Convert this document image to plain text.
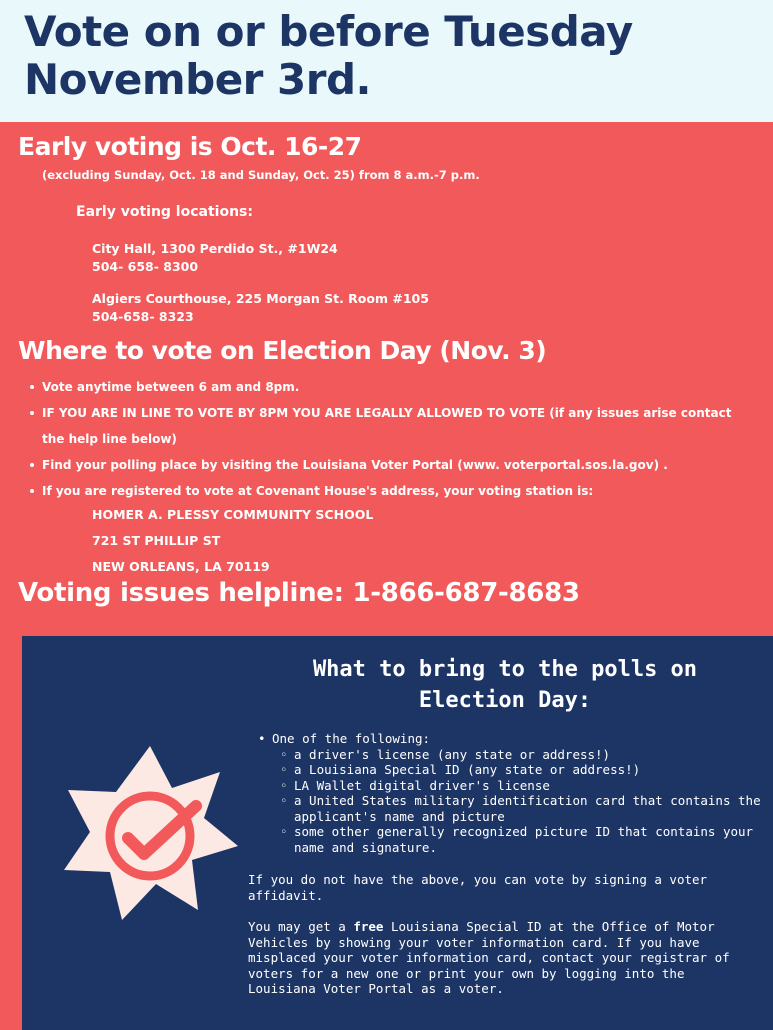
Vote on or before Tuesday
November 3rd.
Early voting is Oct. 16-27
(excluding Sunday, Oct. 18 and Sunday, Oct. 25) from 8 a.m.-7 p.m.
Early voting locations:
City Hall, 1300 Perdido St., #1W24
504- 658- 8300
Algiers Courthouse, 225 Morgan St. Room #105
504-658- 8323
Where to vote on Election Day (Nov. 3)
Vote anytime between 6 am and 8pm.
IF YOU ARE IN LINE TO VOTE BY 8PM YOU ARE LEGALLY ALLOWED TO VOTE (if any issues arise contact the help line below)
Find your polling place by visiting the Louisiana Voter Portal (www. voterportal.sos.la.gov) .
If you are registered to vote at Covenant House's address, your voting station is:
HOMER A. PLESSY COMMUNITY SCHOOL
721 ST PHILLIP ST
NEW ORLEANS, LA 70119
Voting issues helpline: 1-866-687-8683
What to bring to the polls on Election Day:
• One of the following:
◦ a driver's license (any state or address!)
◦ a Louisiana Special ID (any state or address!)
◦ LA Wallet digital driver's license
◦ a United States military identification card that contains the applicant's name and picture
◦ some other generally recognized picture ID that contains your name and signature.
If you do not have the above, you can vote by signing a voter affidavit.
You may get a free Louisiana Special ID at the Office of Motor Vehicles by showing your voter information card. If you have misplaced your voter information card, contact your registrar of voters for a new one or print your own by logging into the Louisiana Voter Portal as a voter.
